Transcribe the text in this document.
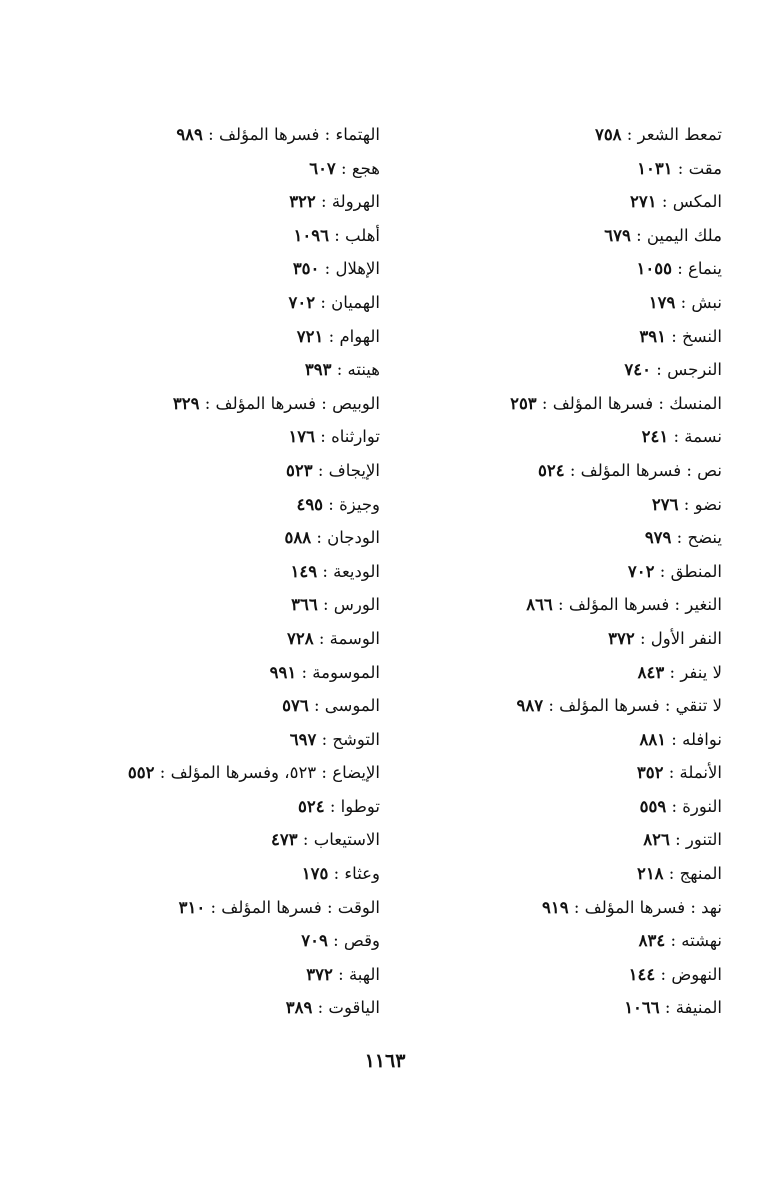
تمعط الشعر : ٧٥٨
مقت : ١٠٣١
المكس : ٢٧١
ملك اليمين : ٦٧٩
ينماع : ١٠٥٥
نبش : ١٧٩
النسخ : ٣٩١
النرجس : ٧٤٠
المنسك : فسرها المؤلف : ٢٥٣
نسمة : ٢٤١
نص : فسرها المؤلف : ٥٢٤
نضو : ٢٧٦
ينضح : ٩٧٩
المنطق : ٧٠٢
النغير : فسرها المؤلف : ٨٦٦
النفر الأول : ٣٧٢
لا ينفر : ٨٤٣
لا تنقي : فسرها المؤلف : ٩٨٧
نوافله : ٨٨١
الأنملة : ٣٥٢
النورة : ٥٥٩
التنور : ٨٢٦
المنهج : ٢١٨
نهد : فسرها المؤلف : ٩١٩
نهشته : ٨٣٤
النهوض : ١٤٤
المنيفة : ١٠٦٦
الهتماء : فسرها المؤلف : ٩٨٩
هجع : ٦٠٧
الهرولة : ٣٢٢
أهلب : ١٠٩٦
الإهلال : ٣٥٠
الهميان : ٧٠٢
الهوام : ٧٢١
هينته : ٣٩٣
الوبيص : فسرها المؤلف : ٣٢٩
توارثناه : ١٧٦
الإيجاف : ٥٢٣
وجيزة : ٤٩٥
الودجان : ٥٨٨
الوديعة : ١٤٩
الورس : ٣٦٦
الوسمة : ٧٢٨
الموسومة : ٩٩١
الموسى : ٥٧٦
التوشح : ٦٩٧
الإيضاع : ٥٢٣، وفسرها المؤلف : ٥٥٢
توطوا : ٥٢٤
الاستيعاب : ٤٧٣
وعثاء : ١٧٥
الوقت : فسرها المؤلف : ٣١٠
وقص : ٧٠٩
الهبة : ٣٧٢
الياقوت : ٣٨٩
١١٦٣
